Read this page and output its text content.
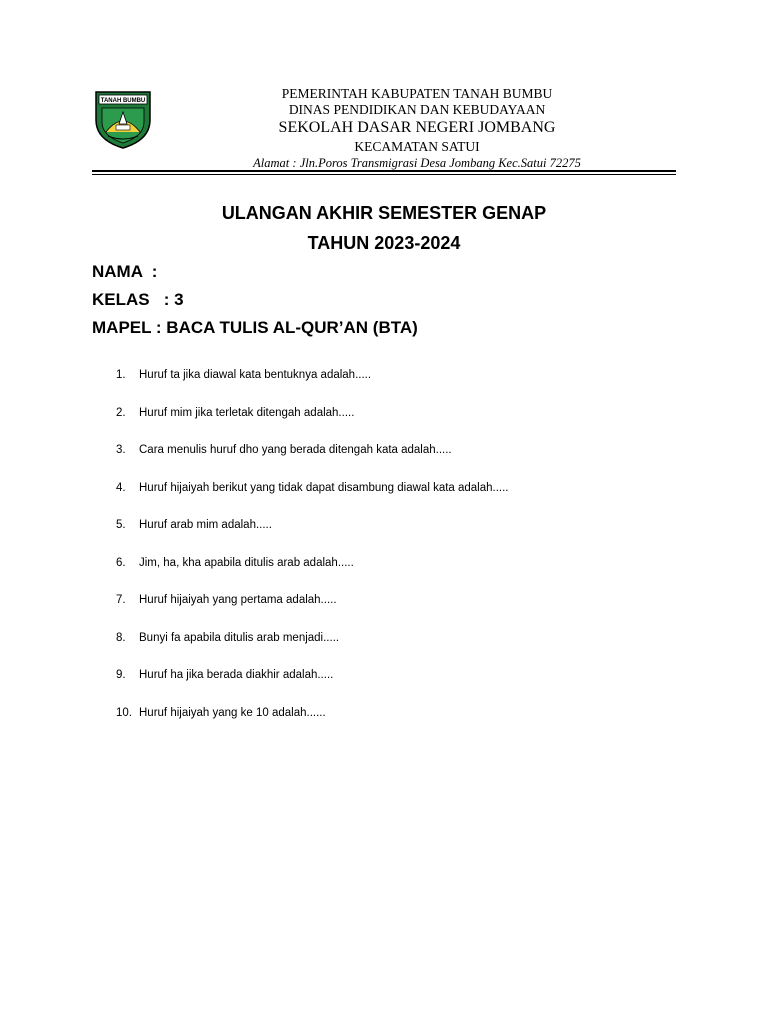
TANAH BUMBU	PEMERINTAH KABUPATEN TANAH BUMBU
DINAS PENDIDIKAN DAN KEBUDAYAAN
SEKOLAH DASAR NEGERI JOMBANG
KECAMATAN SATUI
Alamat : Jln.Poros Transmigrasi Desa Jombang Kec.Satui 72275
ULANGAN AKHIR SEMESTER GENAP
TAHUN 2023-2024
NAMA  :
KELAS   : 3
MAPEL : BACA TULIS AL-QUR’AN (BTA)
1.	Huruf ta jika diawal kata bentuknya adalah.....
2.	Huruf mim jika terletak ditengah adalah.....
3.	Cara menulis huruf dho yang berada ditengah kata adalah.....
4.	Huruf hijaiyah berikut yang tidak dapat disambung diawal kata adalah.....
5.	Huruf arab mim adalah.....
6.	Jim, ha, kha apabila ditulis arab adalah.....
7.	Huruf hijaiyah yang pertama adalah.....
8.	Bunyi fa apabila ditulis arab menjadi.....
9.	Huruf ha jika berada diakhir adalah.....
10. Huruf hijaiyah yang ke 10 adalah......
